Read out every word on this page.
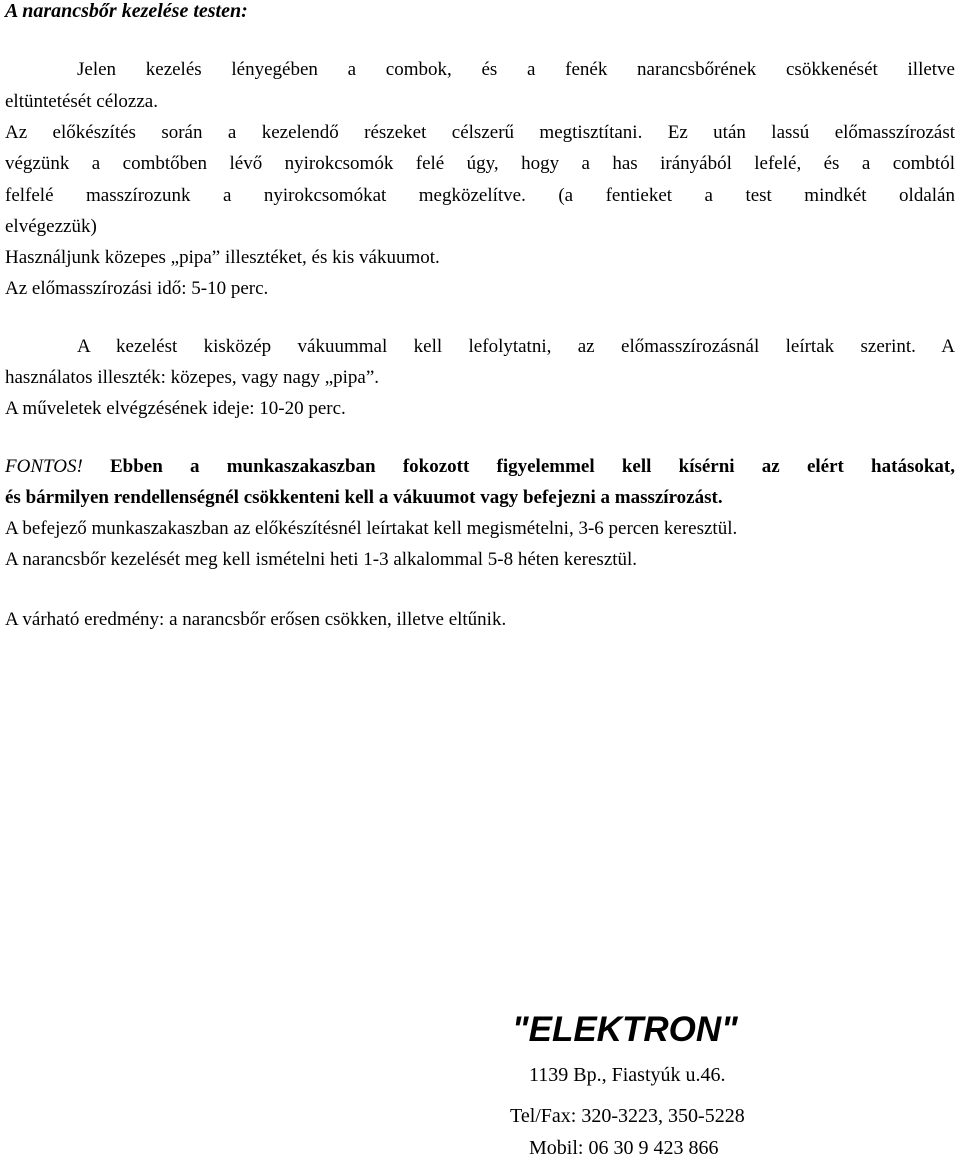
A narancsbőr kezelése testen:
Jelen kezelés lényegében a combok, és a fenék narancsbőrének csökkenését illetve
eltüntetését célozza.
Az előkészítés során a kezelendő részeket célszerű megtisztítani. Ez után lassú előmasszírozást
végzünk a combtőben lévő nyirokcsomók felé úgy, hogy a has irányából lefelé, és a combtól
felfelé masszírozunk a nyirokcsomókat megközelítve. (a fentieket a test mindkét oldalán
elvégezzük)
Használjunk közepes „pipa” illesztéket, és kis vákuumot.
Az előmasszírozási idő: 5-10 perc.
A kezelést kisközép vákuummal kell lefolytatni, az előmasszírozásnál leírtak szerint. A
használatos illeszték: közepes, vagy nagy „pipa”.
A műveletek elvégzésének ideje: 10-20 perc.
FONTOS! Ebben a munkaszakaszban fokozott figyelemmel kell kísérni az elért hatásokat,
és bármilyen rendellenségnél csökkenteni kell a vákuumot vagy befejezni a masszírozást.
A befejező munkaszakaszban az előkészítésnél leírtakat kell megismételni, 3-6 percen keresztül.
A narancsbőr kezelését meg kell ismételni heti 1-3 alkalommal 5-8 héten keresztül.
A várható eredmény: a narancsbőr erősen csökken, illetve eltűnik.
"ELEKTRON"
1139 Bp., Fiastyúk u.46.
Tel/Fax: 320-3223, 350-5228
Mobil: 06 30 9 423 866
